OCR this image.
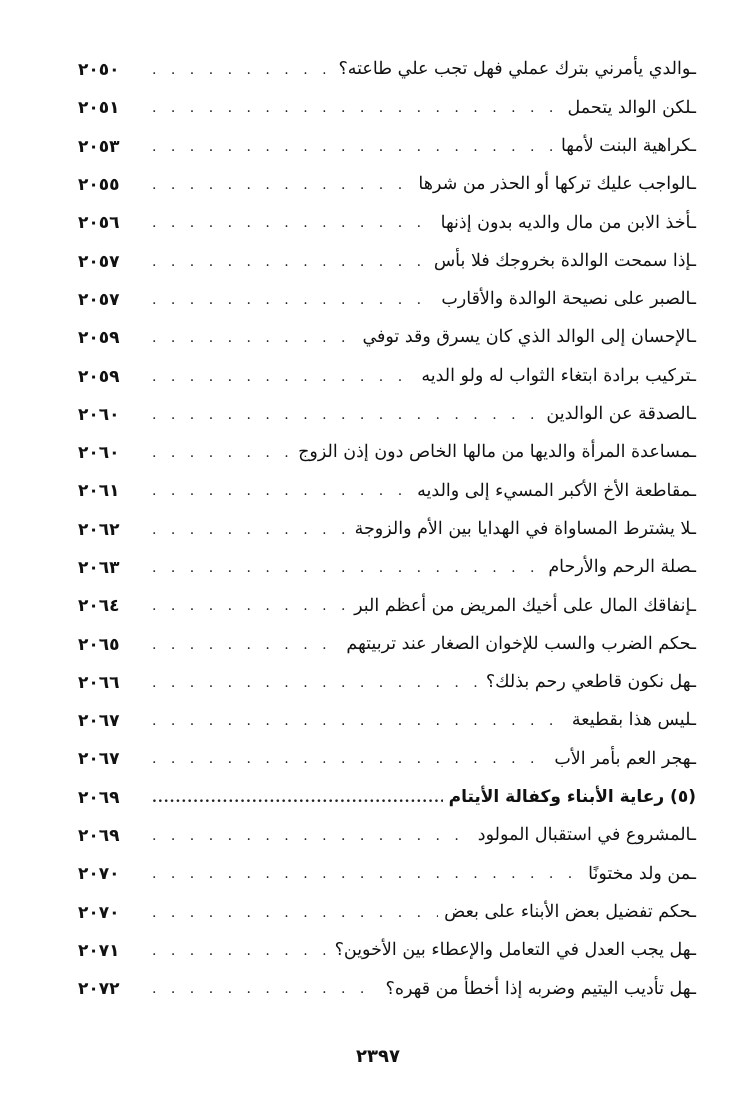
ـوالدي يأمرني بترك عملي فهل تجب علي طاعته؟
. . .
٢٠٥٠
ـلكن الوالد يتحمل
. . .
٢٠٥١
ـكراهية البنت لأمها
. . .
٢٠٥٣
ـالواجب عليك تركها أو الحذر من شرها
. . .
٢٠٥٥
ـأخذ الابن من مال والديه بدون إذنها
. . .
٢٠٥٦
ـإذا سمحت الوالدة بخروجك فلا بأس
. . .
٢٠٥٧
ـالصبر على نصيحة الوالدة والأقارب
. . .
٢٠٥٧
ـالإحسان إلى الوالد الذي كان يسرق وقد توفي
. . .
٢٠٥٩
ـتركيب برادة ابتغاء الثواب له ولو الديه
. . .
٢٠٥٩
ـالصدقة عن الوالدين
. . .
٢٠٦٠
ـمساعدة المرأة والديها من مالها الخاص دون إذن الزوج
. . .
٢٠٦٠
ـمقاطعة الأخ الأكبر المسيء إلى والديه
. . .
٢٠٦١
ـلا يشترط المساواة في الهدايا بين الأم والزوجة
. . .
٢٠٦٢
ـصلة الرحم والأرحام
. . .
٢٠٦٣
ـإنفاقك المال على أخيك المريض من أعظم البر
. . .
٢٠٦٤
ـحكم الضرب والسب للإخوان الصغار عند تربيتهم
. . .
٢٠٦٥
ـهل نكون قاطعي رحم بذلك؟
. . .
٢٠٦٦
ـليس هذا بقطيعة
. . .
٢٠٦٧
ـهجر العم بأمر الأب
. . .
٢٠٦٧
(٥) رعاية الأبناء وكفالة الأيتام
.....
٢٠٦٩
ـالمشروع في استقبال المولود
. . .
٢٠٦٩
ـمن ولد مختونًا
. . .
٢٠٧٠
ـحكم تفضيل بعض الأبناء على بعض
. . .
٢٠٧٠
ـهل يجب العدل في التعامل والإعطاء بين الأخوين؟
. . .
٢٠٧١
ـهل تأديب اليتيم وضربه إذا أخطأ من قهره؟
. . .
٢٠٧٢
٢٣٩٧
